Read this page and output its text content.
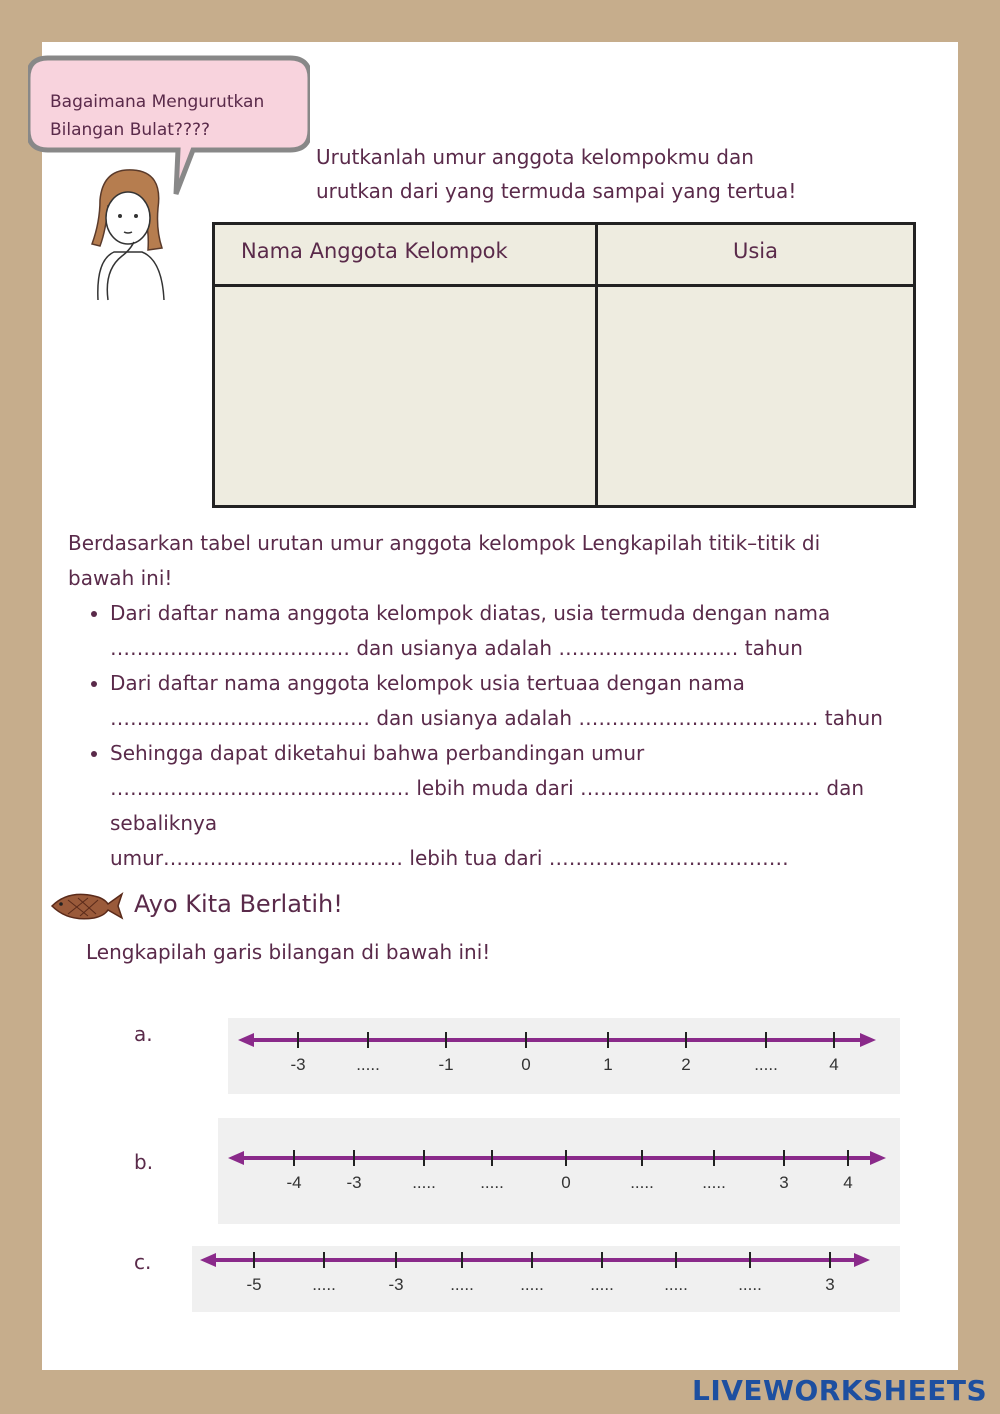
Bagaimana Mengurutkan
Bilangan Bulat????
Urutkanlah umur anggota kelompokmu dan
urutkan dari yang termuda sampai yang tertua!
Nama Anggota Kelompok	Usia
Berdasarkan tabel urutan umur anggota kelompok Lengkapilah titik–titik di
bawah ini!
• Dari daftar nama anggota kelompok diatas, usia termuda dengan nama
……………………………… dan usianya adalah ……………………… tahun
• Dari daftar nama anggota kelompok usia tertuaa dengan nama
………………………………… dan usianya adalah ……………………………… tahun
• Sehingga dapat diketahui bahwa perbandingan umur
……………………………………… lebih muda dari ……………………………… dan sebaliknya
umur……………………………… lebih tua dari ………………………………
Ayo Kita Berlatih!
Lengkapilah garis bilangan di bawah ini!
a.
b.
c.
-3	.....	-1	0	1	2	.....	4
-4	-3	.....	.....	0	.....	.....	3	4
-5	.....	-3	.....	.....	.....	.....	.....	3
LIVEWORKSHEETS
